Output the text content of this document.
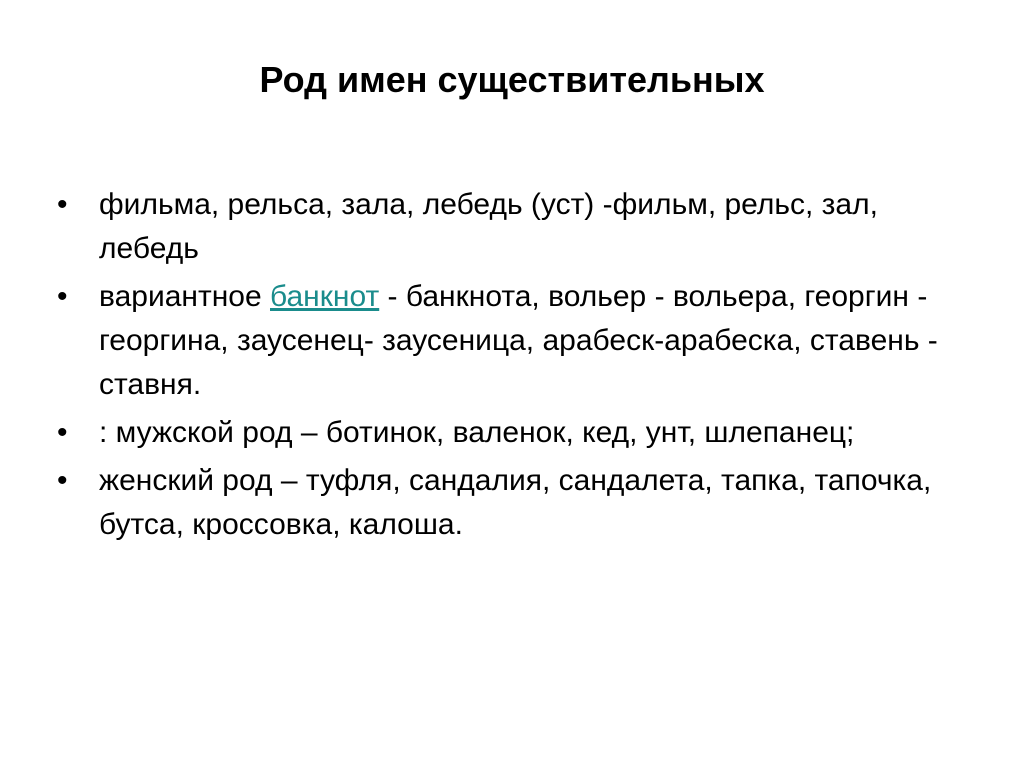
Род имен существительных
•	фильма, рельса, зала, лебедь (уст) -фильм, рельс, зал, лебедь
•	вариантное банкнот - банкнота, вольер - вольера, георгин - георгина, заусенец- заусеница, арабеск-арабеска, ставень - ставня.
•	: мужской род – ботинок, валенок, кед, унт, шлепанец;
•	женский род – туфля, сандалия, сандалета, тапка, тапочка, бутса, кроссовка, калоша.
